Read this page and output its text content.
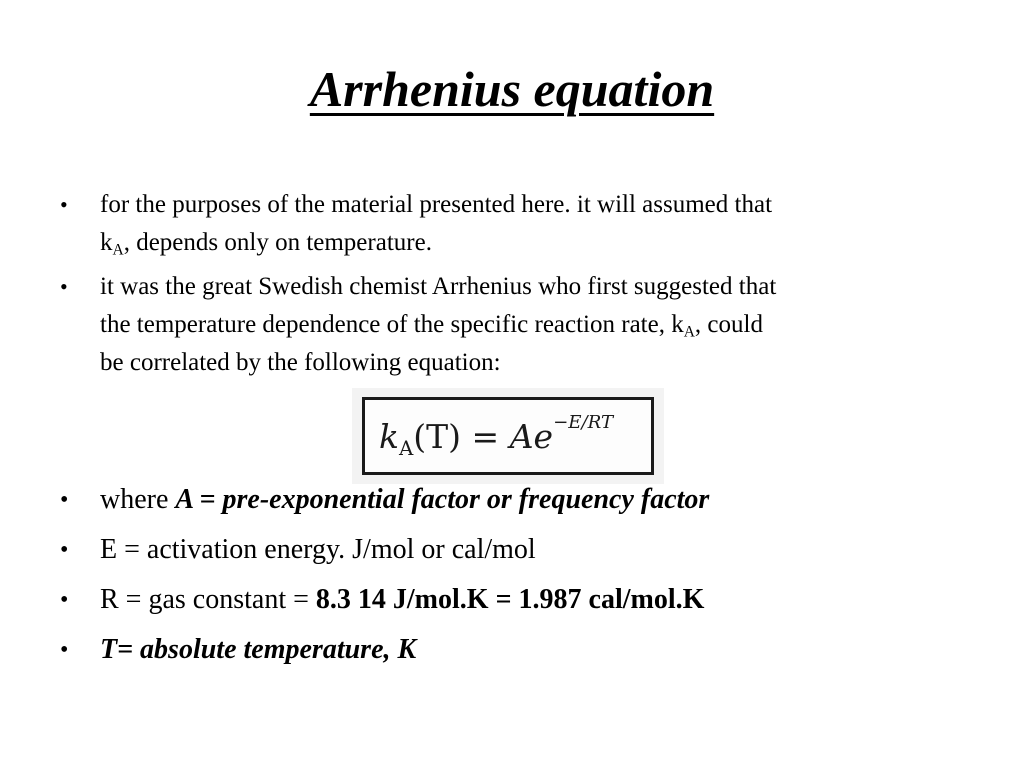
Arrhenius equation
• for the purposes of the material presented here. it will assumed that
$k_A$, depends only on temperature.
• it was the great Swedish chemist Arrhenius who first suggested that
the temperature dependence of the specific reaction rate, $k_A$, could
be correlated by the following equation:
• where A = pre-exponential factor or frequency factor
• E = activation energy. J/mol or cal/mol
• R = gas constant = 8.3 14 J/mol.K = 1.987 cal/mol.K
• T= absolute temperature, K
$k_A(T) = Ae^{-E/RT}$
